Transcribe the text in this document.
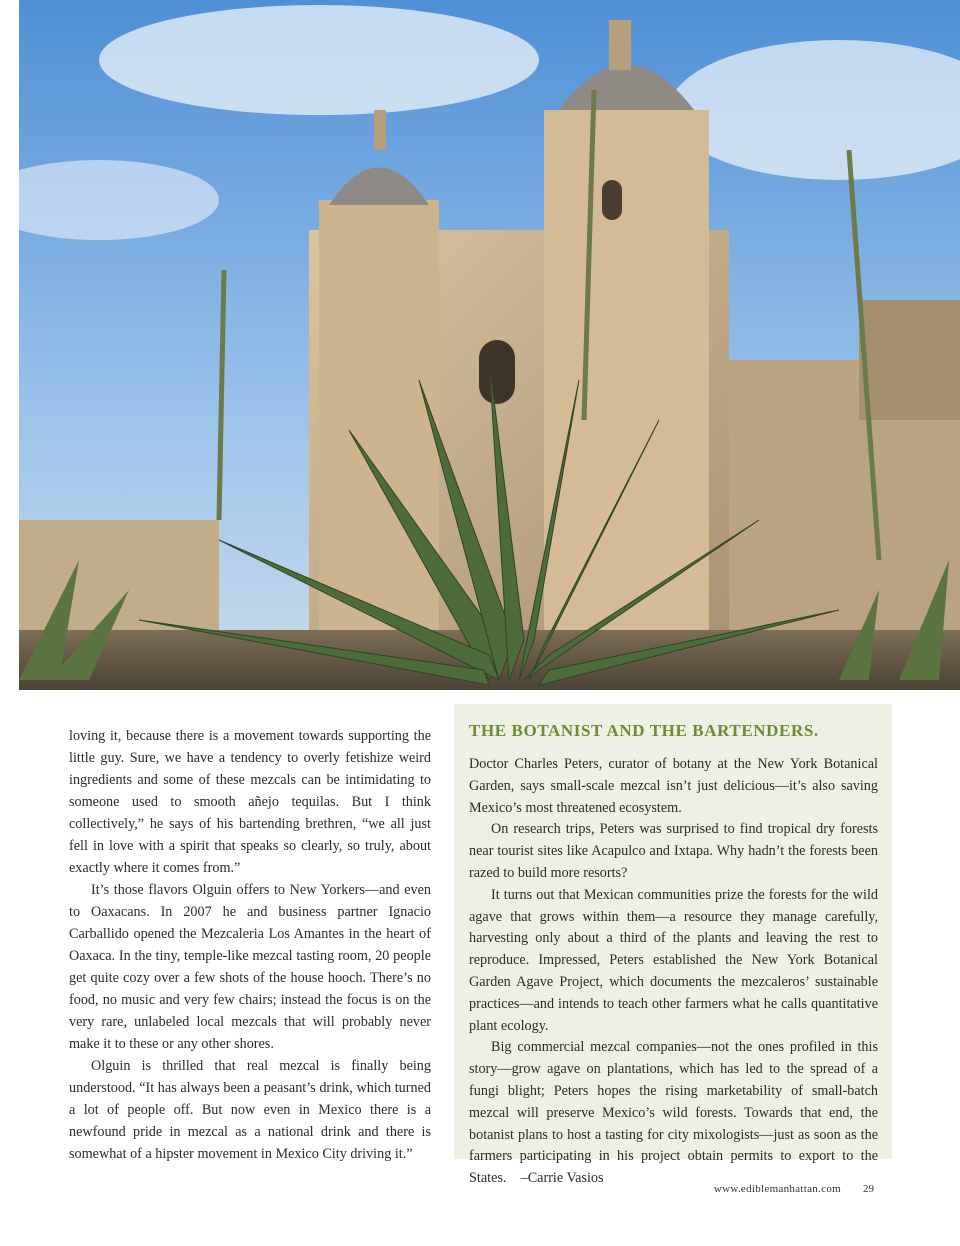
loving it, because there is a movement towards supporting the little guy. Sure, we have a tendency to overly fetishize weird ingredients and some of these mezcals can be intimidating to someone used to smooth añejo tequilas. But I think collectively,” he says of his bartending brethren, “we all just fell in love with a spirit that speaks so clearly, so truly, about exactly where it comes from.”

It’s those flavors Olguin offers to New Yorkers—and even to Oaxacans. In 2007 he and business partner Ignacio Carballido opened the Mezcaleria Los Amantes in the heart of Oaxaca. In the tiny, temple-like mezcal tasting room, 20 people get quite cozy over a few shots of the house hooch. There’s no food, no music and very few chairs; instead the focus is on the very rare, unlabeled local mezcals that will probably never make it to these or any other shores.

Olguin is thrilled that real mezcal is finally being understood. “It has always been a peasant’s drink, which turned a lot of people off. But now even in Mexico there is a newfound pride in mezcal as a national drink and there is somewhat of a hipster movement in Mexico City driving it.”

THE BOTANIST AND THE BARTENDERS.

Doctor Charles Peters, curator of botany at the New York Botanical Garden, says small-scale mezcal isn’t just delicious—it’s also saving Mexico’s most threatened ecosystem.

On research trips, Peters was surprised to find tropical dry forests near tourist sites like Acapulco and Ixtapa. Why hadn’t the forests been razed to build more resorts?

It turns out that Mexican communities prize the forests for the wild agave that grows within them—a resource they manage carefully, harvesting only about a third of the plants and leaving the rest to reproduce. Impressed, Peters established the New York Botanical Garden Agave Project, which documents the mezcaleros’ sustainable practices—and intends to teach other farmers what he calls quantitative plant ecology.

Big commercial mezcal companies—not the ones profiled in this story—grow agave on plantations, which has led to the spread of a fungi blight; Peters hopes the rising marketability of small-batch mezcal will preserve Mexico’s wild forests. Towards that end, the botanist plans to host a tasting for city mixologists—just as soon as the farmers participating in his project obtain permits to export to the States. –Carrie Vasios

www.ediblemanhattan.com 29
